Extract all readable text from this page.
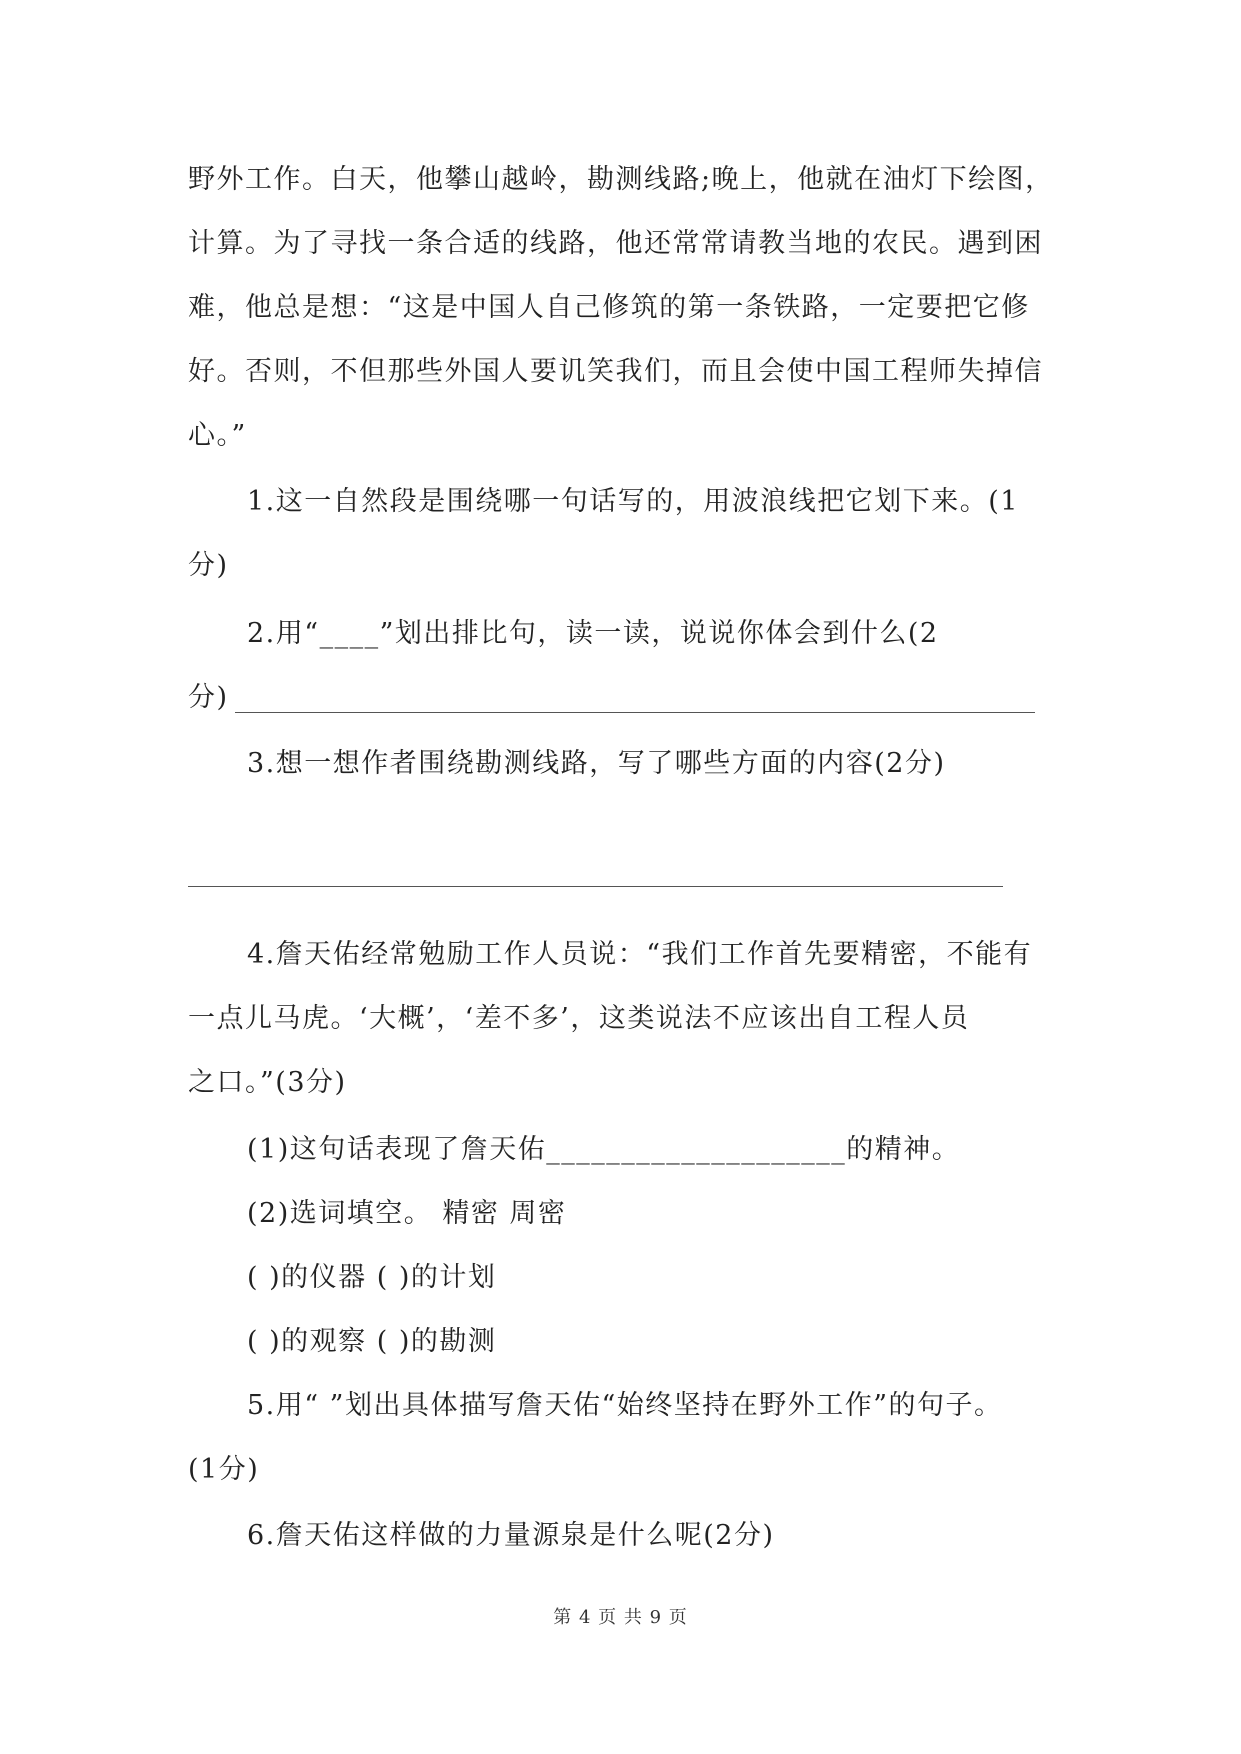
野外工作。白天，他攀山越岭，勘测线路;晚上，他就在油灯下绘图，
计算。为了寻找一条合适的线路，他还常常请教当地的农民。遇到困
难，他总是想：“这是中国人自己修筑的第一条铁路，一定要把它修
好。否则，不但那些外国人要讥笑我们，而且会使中国工程师失掉信
心。”
1.这一自然段是围绕哪一句话写的，用波浪线把它划下来。(1
分)
2.用“____”划出排比句，读一读，说说你体会到什么(2
分)
3.想一想作者围绕勘测线路，写了哪些方面的内容(2分)
4.詹天佑经常勉励工作人员说：“我们工作首先要精密，不能有
一点儿马虎。‘大概’，‘差不多’，这类说法不应该出自工程人员
之口。”(3分)
(1)这句话表现了詹天佑____________________的精神。
(2)选词填空。 精密 周密
( )的仪器 ( )的计划
( )的观察 ( )的勘测
5.用“ ”划出具体描写詹天佑“始终坚持在野外工作”的句子。
(1分)
6.詹天佑这样做的力量源泉是什么呢(2分)
第 4 页 共 9 页
